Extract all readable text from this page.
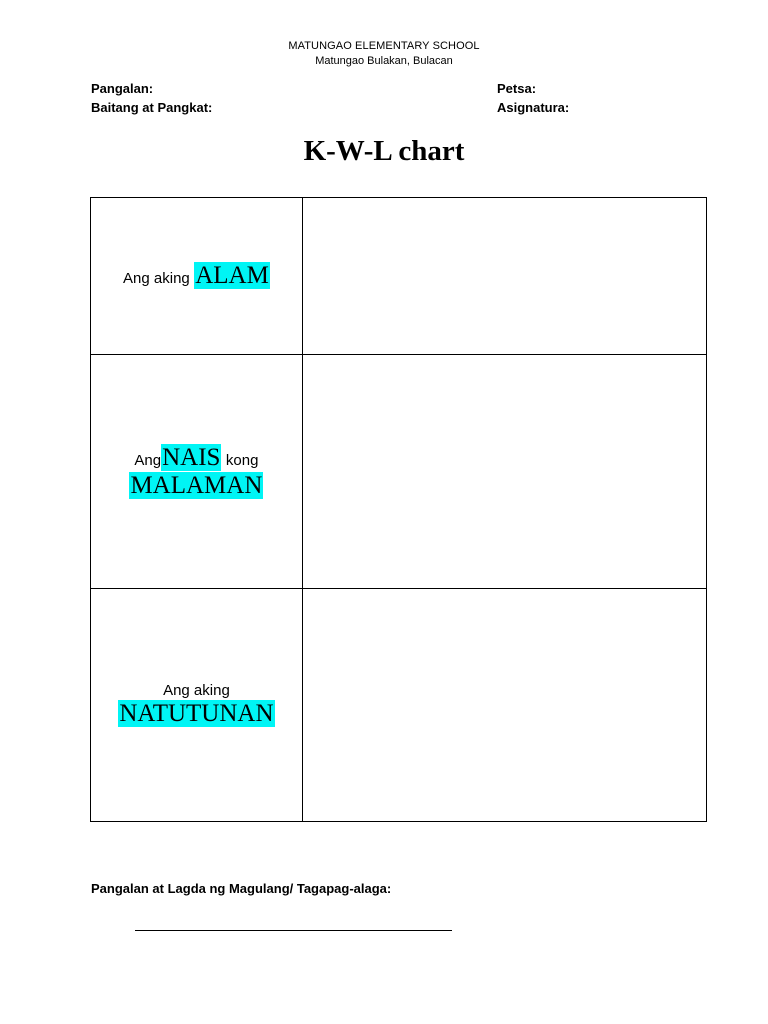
MATUNGAO ELEMENTARY SCHOOL
Matungao Bulakan, Bulacan
Pangalan:
Baitang at Pangkat:
Petsa:
Asignatura:
K-W-L chart
Ang aking ALAM	

AngNAIS kong
MALAMAN	

Ang aking
NATUTUNAN	

Pangalan at Lagda ng Magulang/ Tagapag-alaga:
